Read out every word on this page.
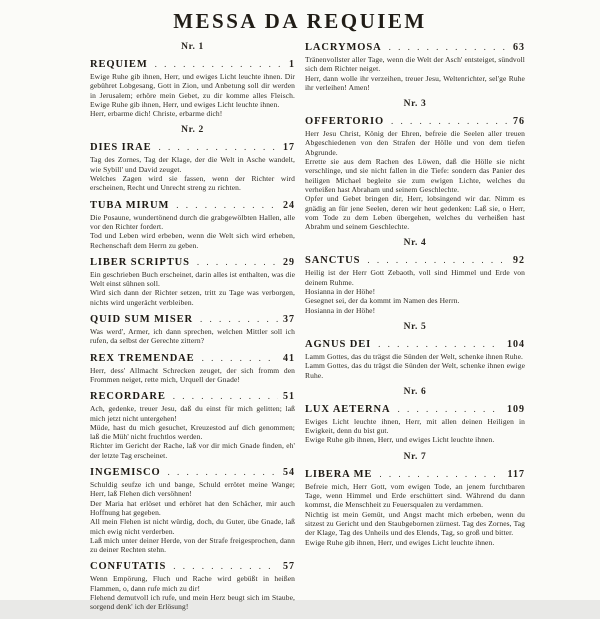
MESSA DA REQUIEM
Nr. 1
REQUIEM . . .	1

Ewige Ruhe gib ihnen, Herr, und ewiges Licht leuchte ihnen. Dir gebühret Lobgesang, Gott in Zion, und Anbetung soll dir werden in Jerusalem; erhöre mein Gebet, zu dir komme alles Fleisch. Ewige Ruhe gib ihnen, Herr, und ewiges Licht leuchte ihnen.

Herr, erbarme dich! Christe, erbarme dich!

Nr. 2
DIES IRAE . . .	17

Tag des Zornes, Tag der Klage, der die Welt in Asche wandelt, wie Sybill' und David zeuget.

Welches Zagen wird sie fassen, wenn der Richter wird erscheinen, Recht und Unrecht streng zu richten.

TUBA MIRUM . . .	24

Die Posaune, wundertönend durch die grabgewölbten Hallen, alle vor den Richter fordert.

Tod und Leben wird erbeben, wenn die Welt sich wird erheben, Rechenschaft dem Herrn zu geben.

LIBER SCRIPTUS . . .	29

Ein geschrieben Buch erscheinet, darin alles ist enthalten, was die Welt einst sühnen soll.

Wird sich dann der Richter setzen, tritt zu Tage was verborgen, nichts wird ungerächt verbleiben.

QUID SUM MISER . . .	37

Was werd', Armer, ich dann sprechen, welchen Mittler soll ich rufen, da selbst der Gerechte zittern?

REX TREMENDAE . . .	41

Herr, dess' Allmacht Schrecken zeuget, der sich fromm den Frommen neiget, rette mich, Urquell der Gnade!

RECORDARE . . .	51

Ach, gedenke, treuer Jesu, daß du einst für mich gelitten; laß mich jetzt nicht untergehen!

Müde, hast du mich gesuchet, Kreuzestod auf dich genommen; laß die Müh' nicht fruchtlos werden.

Richter im Gericht der Rache, laß vor dir mich Gnade finden, eh' der letzte Tag erscheinet.

INGEMISCO . . .	54

Schuldig seufze ich und bange, Schuld errötet meine Wange; Herr, laß Flehen dich versöhnen!

Der Maria hat erlöset und erhöret hat den Schächer, mir auch Hoffnung hat gegeben.

All mein Flehen ist nicht würdig, doch, du Guter, übe Gnade, laß mich ewig nicht verderben.

Laß mich unter deiner Herde, von der Strafe freigesprochen, dann zu deiner Rechten stehn.

CONFUTATIS . . .	57

Wenn Empörung, Fluch und Rache wird gebüßt in heißen Flammen, o, dann rufe mich zu dir!

Flehend demutvoll ich rufe, und mein Herz beugt sich im Staube, sorgend denk' ich der Erlösung!

LACRYMOSA . . .	63

Tränenvollster aller Tage, wenn die Welt der Asch' entsteiget, sündvoll sich dem Richter neiget.

Herr, dann wolle ihr verzeihen, treuer Jesu, Weltenrichter, sel'ge Ruhe ihr verleihen! Amen!

Nr. 3
OFFERTORIO . . .	76

Herr Jesu Christ, König der Ehren, befreie die Seelen aller treuen Abgeschiedenen von den Strafen der Hölle und von dem tiefen Abgrunde.

Errette sie aus dem Rachen des Löwen, daß die Hölle sie nicht verschlinge, und sie nicht fallen in die Tiefe: sondern das Panier des heiligen Michael begleite sie zum ewigen Lichte, welches du verheißen hast Abraham und seinem Geschlechte.

Opfer und Gebet bringen dir, Herr, lobsingend wir dar. Nimm es gnädig an für jene Seelen, deren wir heut gedenken: Laß sie, o Herr, vom Tode zu dem Leben übergehen, welches du verheißen hast Abrahm und seinem Geschlechte.

Nr. 4
SANCTUS . . .	92

Heilig ist der Herr Gott Zebaoth, voll sind Himmel und Erde von deinem Ruhme.

Hosianna in der Höhe!

Gesegnet sei, der da kommt im Namen des Herrn.

Hosianna in der Höhe!

Nr. 5
AGNUS DEI . . .	104

Lamm Gottes, das du trägst die Sünden der Welt, schenke ihnen Ruhe.

Lamm Gottes, das du trägst die Sünden der Welt, schenke ihnen ewige Ruhe.

Nr. 6
LUX AETERNA . . .	109

Ewiges Licht leuchte ihnen, Herr, mit allen deinen Heiligen in Ewigkeit, denn du bist gut.

Ewige Ruhe gib ihnen, Herr, und ewiges Licht leuchte ihnen.

Nr. 7
LIBERA ME . . .	117

Befreie mich, Herr Gott, vom ewigen Tode, an jenem furchtbaren Tage, wenn Himmel und Erde erschüttert sind. Während du dann kommst, die Menschheit zu Feuersqualen zu verdammen.

Nichtig ist mein Gemüt, und Angst macht mich erbeben, wenn du sitzest zu Gericht und den Staubgebornen zürnest. Tag des Zornes, Tag der Klage, Tag des Unheils und des Elends, Tag, so groß und bitter.

Ewige Ruhe gib ihnen, Herr, und ewiges Licht leuchte ihnen.
